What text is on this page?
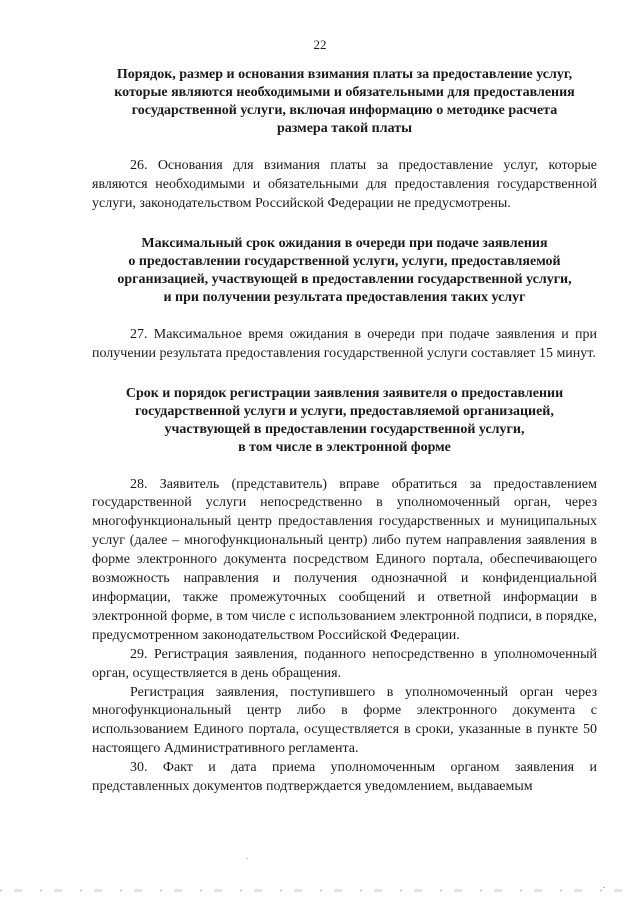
22
Порядок, размер и основания взимания платы за предоставление услуг,
которые являются необходимыми и обязательными для предоставления
государственной услуги, включая информацию о методике расчета
размера такой платы

26. Основания для взимания платы за предоставление услуг, которые являются необходимыми и обязательными для предоставления государственной услуги, законодательством Российской Федерации не предусмотрены.

Максимальный срок ожидания в очереди при подаче заявления
о предоставлении государственной услуги, услуги, предоставляемой
организацией, участвующей в предоставлении государственной услуги,
и при получении результата предоставления таких услуг

27. Максимальное время ожидания в очереди при подаче заявления и при получении результата предоставления государственной услуги составляет 15 минут.

Срок и порядок регистрации заявления заявителя о предоставлении
государственной услуги и услуги, предоставляемой организацией,
участвующей в предоставлении государственной услуги,
в том числе в электронной форме

28. Заявитель (представитель) вправе обратиться за предоставлением государственной услуги непосредственно в уполномоченный орган, через многофункциональный центр предоставления государственных и муниципальных услуг (далее – многофункциональный центр) либо путем направления заявления в форме электронного документа посредством Единого портала, обеспечивающего возможность направления и получения однозначной и конфиденциальной информации, также промежуточных сообщений и ответной информации в электронной форме, в том числе с использованием электронной подписи, в порядке, предусмотренном законодательством Российской Федерации.

29. Регистрация заявления, поданного непосредственно в уполномоченный орган, осуществляется в день обращения.

Регистрация заявления, поступившего в уполномоченный орган через многофункциональный центр либо в форме электронного документа с использованием Единого портала, осуществляется в сроки, указанные в пункте 50 настоящего Административного регламента.

30. Факт и дата приема уполномоченным органом заявления и представленных документов подтверждается уведомлением, выдаваемым
